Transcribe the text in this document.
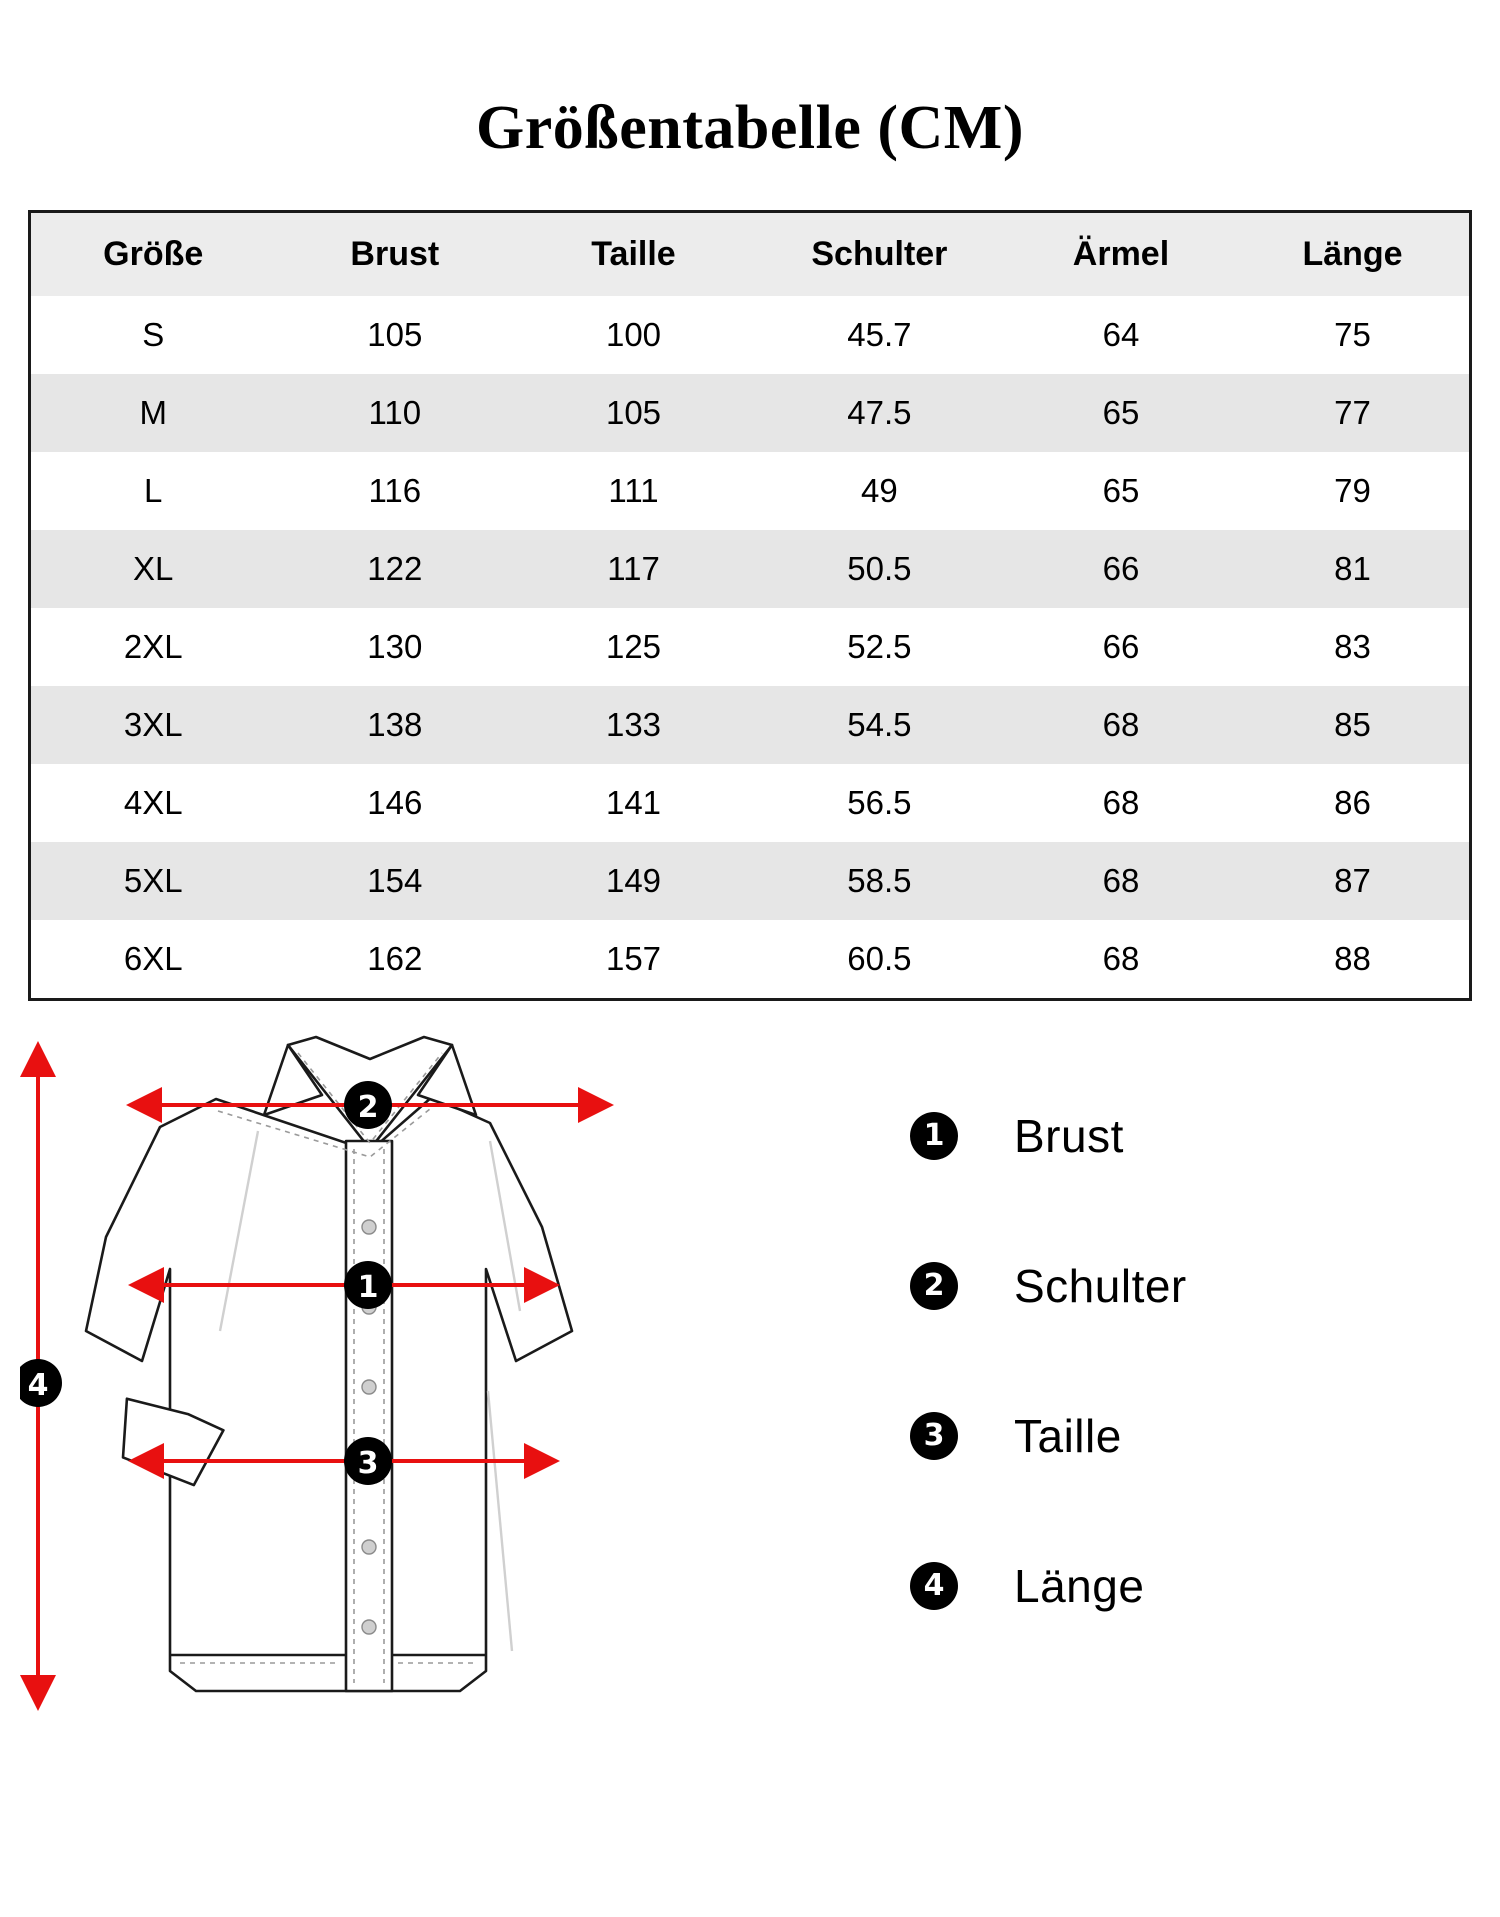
Größentabelle (CM)
Größe	Brust	Taille	Schulter	Ärmel	Länge
S	105	100	45.7	64	75
M	110	105	47.5	65	77
L	116	111	49	65	79
XL	122	117	50.5	66	81
2XL	130	125	52.5	66	83
3XL	138	133	54.5	68	85
4XL	146	141	56.5	68	86
5XL	154	149	58.5	68	87
6XL	162	157	60.5	68	88
2
1
3
4
1 Brust
2 Schulter
3 Taille
4 Länge
